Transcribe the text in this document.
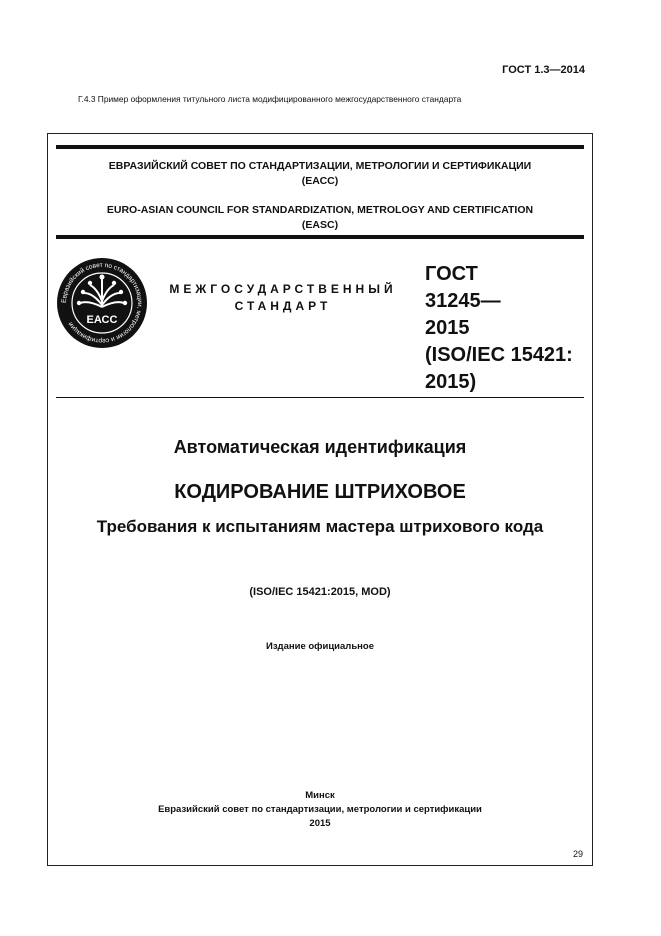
ГОСТ 1.3—2014
Г.4.3 Пример оформления титульного листа модифицированного межгосударственного стандарта
ЕВРАЗИЙСКИЙ СОВЕТ ПО СТАНДАРТИЗАЦИИ, МЕТРОЛОГИИ И СЕРТИФИКАЦИИ
(ЕАСС)
EURO-ASIAN COUNCIL FOR STANDARDIZATION, METROLOGY AND CERTIFICATION
(EASC)
Евразийский совет по стандартизации, метрологии и сертификации	ЕАСС
МЕЖГОСУДАРСТВЕННЫЙ
СТАНДАРТ
ГОСТ
31245—
2015
(ISO/IEC 15421:
2015)
Автоматическая идентификация
КОДИРОВАНИЕ ШТРИХОВОЕ
Требования к испытаниям мастера штрихового кода
(ISO/IEC 15421:2015, MOD)
Издание официальное
Минск
Евразийский совет по стандартизации, метрологии и сертификации
2015
29
